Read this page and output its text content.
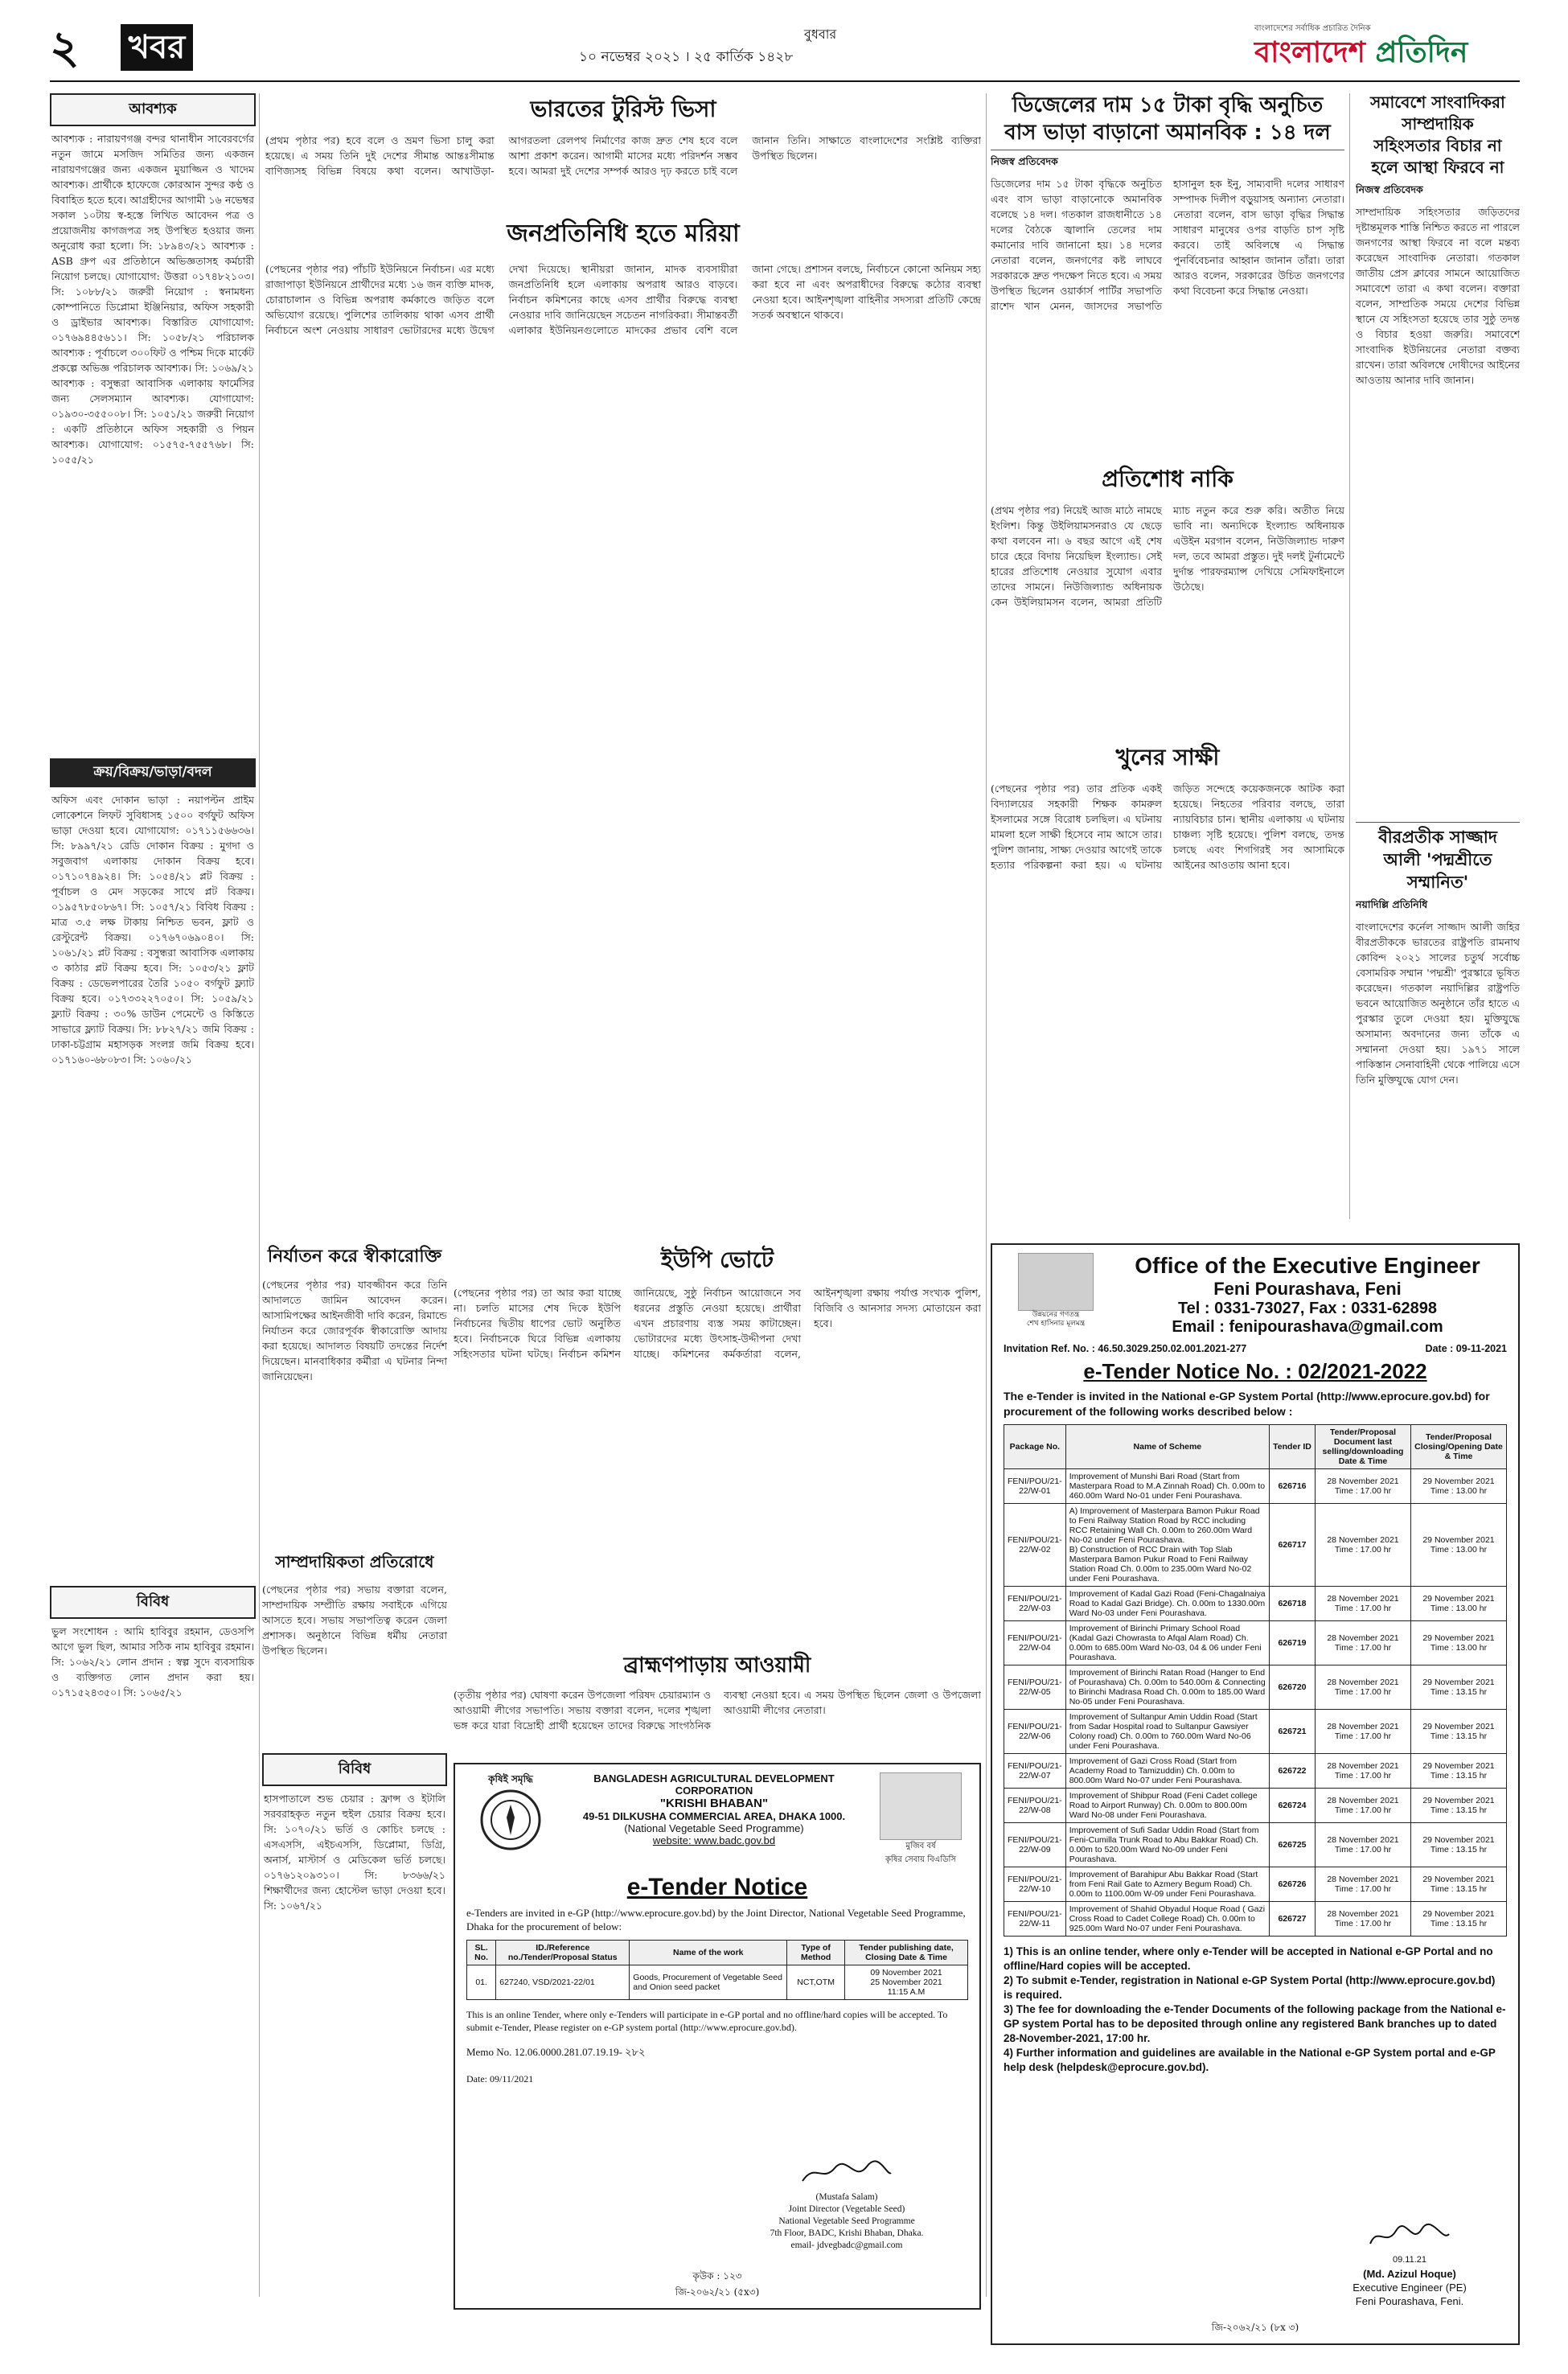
২ খবর	বুধবার
১০ নভেম্বর ২০২১ । ২৫ কার্তিক ১৪২৮
বাংলাদেশের সর্বাধিক প্রচারিত দৈনিক
বাংলাদেশ প্রতিদিন
আবশ্যক
আবশ্যক : নারায়ণগঞ্জ বন্দর থানাধীন সাবেরবর্গের নতুন জামে মসজিদ সমিতির জন্য একজন নারায়ণগঞ্জের জন্য একজন মুয়াজ্জিন ও খাদেম আবশ্যক। প্রার্থীকে হাফেজে কোরআন সুন্দর কণ্ঠ ও বিবাহিত হতে হবে। আগ্রহীদের আগামী ১৬ নভেম্বর সকাল ১০টায় স্ব-হস্তে লিখিত আবেদন পত্র ও প্রয়োজনীয় কাগজপত্র সহ উপস্থিত হওয়ার জন্য অনুরোধ করা হলো। সি: ১৮৯৪৩/২১ আবশ্যক : ASB গ্রুপ এর প্রতিষ্ঠানে অভিজ্ঞতাসহ কর্মচারী নিয়োগ চলছে। যোগাযোগ: উত্তরা ০১৭৪৮২১০৩। সি: ১০৮৮/২১ জরুরী নিয়োগ : স্বনামধন্য কোম্পানিতে ডিপ্লোমা ইঞ্জিনিয়ার, অফিস সহকারী ও ড্রাইভার আবশ্যক। বিস্তারিত যোগাযোগ: ০১৭৬৯৪৪৫৬১১। সি: ১০৫৮/২১ পরিচালক আবশ্যক : পূর্বাচলে ৩০০ফিট ও পশ্চিম দিকে মার্কেট প্রকল্পে অভিজ্ঞ পরিচালক আবশ্যক। সি: ১০৬৯/২১ আবশ্যক : বসুন্ধরা আবাসিক এলাকায় ফার্মেসির জন্য সেলসম্যান আবশ্যক। যোগাযোগ: ০১৯৩০-৩৫৫০০৮। সি: ১০৫১/২১ জরুরী নিয়োগ : একটি প্রতিষ্ঠানে অফিস সহকারী ও পিয়ন আবশ্যক। যোগাযোগ: ০১৫৭৫-৭৫৫৭৬৮। সি: ১০৫৫/২১
ক্রয়/বিক্রয়/ভাড়া/বদল
অফিস এবং দোকান ভাড়া : নয়াপল্টন প্রাইম লোকেশনে লিফট সুবিধাসহ ১৫০০ বর্গফুট অফিস ভাড়া দেওয়া হবে। যোগাযোগ: ০১৭১১৫৬৬৩৬। সি: ৮৯৯৭/২১ রেডি দোকান বিক্রয় : মুগদা ও সবুজবাগ এলাকায় দোকান বিক্রয় হবে। ০১৭১০৭৪৯২৪। সি: ১০৫৪/২১ প্লট বিক্রয় : পূর্বাচল ও মেদ সড়কের সাথে প্লট বিক্রয়। ০১৯৫৭৮৫০৮৬৭। সি: ১০৫৭/২১ বিবিধ বিক্রয় : মাত্র ৩.৫ লক্ষ টাকায় নিশ্চিত ভবন, ফ্লাট ও রেস্টুরেন্ট বিক্রয়। ০১৭৬৭০৬৯০৪০। সি: ১০৬১/২১ প্লট বিক্রয় : বসুন্ধরা আবাসিক এলাকায় ৩ কাঠার প্লট বিক্রয় হবে। সি: ১০৫৩/২১ ফ্লাট বিক্রয় : ডেভেলপারের তৈরি ১০৫০ বর্গফুট ফ্ল্যাট বিক্রয় হবে। ০১৭৩৩২২৭০৫০। সি: ১০৫৯/২১ ফ্ল্যাট বিক্রয় : ৩০% ডাউন পেমেন্টে ও কিস্তিতে সাভারে ফ্ল্যাট বিক্রয়। সি: ৮৮২৭/২১ জমি বিক্রয় : ঢাকা-চট্টগ্রাম মহাসড়ক সংলগ্ন জমি বিক্রয় হবে। ০১৭১৬০-৬৮০৮৩। সি: ১০৬০/২১
বিবিধ
ভুল সংশোধন : আমি হাবিবুর রহমান, ডেওসপি আগে ভুল ছিল, আমার সঠিক নাম হাবিবুর রহমান। সি: ১০৬২/২১ লোন প্রদান : স্বল্প সুদে ব্যবসায়িক ও ব্যক্তিগত লোন প্রদান করা হয়। ০১৭১৫২৪৩৫০। সি: ১০৬৫/২১
বিবিধ
হাসপাতালে শুভ চেয়ার : ফ্রান্স ও ইটালি সরবরাহকৃত নতুন হুইল চেয়ার বিক্রয় হবে। সি: ১০৭০/২১ ভর্তি ও কোচিং চলছে : এসএসসি, এইচএসসি, ডিপ্লোমা, ডিগ্রি, অনার্স, মাস্টার্স ও মেডিকেল ভর্তি চলছে। ০১৭৬১২০৯৩১০। সি: ৮৩৬৬/২১ শিক্ষার্থীদের জন্য হোস্টেল ভাড়া দেওয়া হবে। সি: ১০৬৭/২১
ভারতের টুরিস্ট ভিসা
(প্রথম পৃষ্ঠার পর) হবে বলে ও ভ্রমণ ভিসা চালু করা হয়েছে। এ সময় তিনি দুই দেশের সীমান্ত আন্তঃসীমান্ত বাণিজ্যসহ বিভিন্ন বিষয়ে কথা বলেন। আখাউড়া-আগরতলা রেলপথ নির্মাণের কাজ দ্রুত শেষ হবে বলে আশা প্রকাশ করেন। আগামী মাসের মধ্যে পরিদর্শন সম্ভব হবে। আমরা দুই দেশের সম্পর্ক আরও দৃঢ় করতে চাই বলে জানান তিনি। সাক্ষাতে বাংলাদেশের সংশ্লিষ্ট ব্যক্তিরা উপস্থিত ছিলেন।
জনপ্রতিনিধি হতে মরিয়া
(পেছনের পৃষ্ঠার পর) পাঁচটি ইউনিয়নে নির্বাচন। এর মধ্যে রাজাপাড়া ইউনিয়নে প্রার্থীদের মধ্যে ১৬ জন ব্যক্তি মাদক, চোরাচালান ও বিভিন্ন অপরাধ কর্মকাণ্ডে জড়িত বলে অভিযোগ রয়েছে। পুলিশের তালিকায় থাকা এসব প্রার্থী নির্বাচনে অংশ নেওয়ায় সাধারণ ভোটারদের মধ্যে উদ্বেগ দেখা দিয়েছে। স্থানীয়রা জানান, মাদক ব্যবসায়ীরা জনপ্রতিনিধি হলে এলাকায় অপরাধ আরও বাড়বে। নির্বাচন কমিশনের কাছে এসব প্রার্থীর বিরুদ্ধে ব্যবস্থা নেওয়ার দাবি জানিয়েছেন সচেতন নাগরিকরা। সীমান্তবর্তী এলাকার ইউনিয়নগুলোতে মাদকের প্রভাব বেশি বলে জানা গেছে। প্রশাসন বলছে, নির্বাচনে কোনো অনিয়ম সহ্য করা হবে না এবং অপরাধীদের বিরুদ্ধে কঠোর ব্যবস্থা নেওয়া হবে। আইনশৃঙ্খলা বাহিনীর সদস্যরা প্রতিটি কেন্দ্রে সতর্ক অবস্থানে থাকবে।
নির্যাতন করে স্বীকারোক্তি
(পেছনের পৃষ্ঠার পর) যাবজ্জীবন করে তিনি আদালতে জামিন আবেদন করেন। আসামিপক্ষের আইনজীবী দাবি করেন, রিমান্ডে নির্যাতন করে জোরপূর্বক স্বীকারোক্তি আদায় করা হয়েছে। আদালত বিষয়টি তদন্তের নির্দেশ দিয়েছেন। মানবাধিকার কর্মীরা এ ঘটনার নিন্দা জানিয়েছেন।
সাম্প্রদায়িকতা প্রতিরোধে
(পেছনের পৃষ্ঠার পর) সভায় বক্তারা বলেন, সাম্প্রদায়িক সম্প্রীতি রক্ষায় সবাইকে এগিয়ে আসতে হবে। সভায় সভাপতিত্ব করেন জেলা প্রশাসক। অনুষ্ঠানে বিভিন্ন ধর্মীয় নেতারা উপস্থিত ছিলেন।
ইউপি ভোটে
(পেছনের পৃষ্ঠার পর) তা আর করা যাচ্ছে না। চলতি মাসের শেষ দিকে ইউপি নির্বাচনের দ্বিতীয় ধাপের ভোট অনুষ্ঠিত হবে। নির্বাচনকে ঘিরে বিভিন্ন এলাকায় সহিংসতার ঘটনা ঘটছে। নির্বাচন কমিশন জানিয়েছে, সুষ্ঠু নির্বাচন আয়োজনে সব ধরনের প্রস্তুতি নেওয়া হয়েছে। প্রার্থীরা এখন প্রচারণায় ব্যস্ত সময় কাটাচ্ছেন। ভোটারদের মধ্যে উৎসাহ-উদ্দীপনা দেখা যাচ্ছে। কমিশনের কর্মকর্তারা বলেন, আইনশৃঙ্খলা রক্ষায় পর্যাপ্ত সংখ্যক পুলিশ, বিজিবি ও আনসার সদস্য মোতায়েন করা হবে।
ব্রাহ্মণপাড়ায় আওয়ামী
(তৃতীয় পৃষ্ঠার পর) ঘোষণা করেন উপজেলা পরিষদ চেয়ারম্যান ও আওয়ামী লীগের সভাপতি। সভায় বক্তারা বলেন, দলের শৃঙ্খলা ভঙ্গ করে যারা বিদ্রোহী প্রার্থী হয়েছেন তাদের বিরুদ্ধে সাংগঠনিক ব্যবস্থা নেওয়া হবে। এ সময় উপস্থিত ছিলেন জেলা ও উপজেলা আওয়ামী লীগের নেতারা।
কৃষিই সমৃদ্ধি	BANGLADESH AGRICULTURAL DEVELOPMENT CORPORATION
"KRISHI BHABAN"
49-51 DILKUSHA COMMERCIAL AREA, DHAKA 1000.
(National Vegetable Seed Programme)
website: www.badc.gov.bd	মুজিব বর্ষ
কৃষির সেবায় বিএডিসি
e-Tender Notice
e-Tenders are invited in e-GP (http://www.eprocure.gov.bd) by the Joint Director, National Vegetable Seed Programme, Dhaka for the procurement of below:
SL. No.	ID./Reference no./Tender/Proposal Status	Name of the work	Type of Method	Tender publishing date, Closing Date & Time
01.	627240, VSD/2021-22/01	Goods, Procurement of Vegetable Seed and Onion seed packet	NCT,OTM	09 November 2021
25 November 2021
11:15 A.M
This is an online Tender, where only e-Tenders will participate in e-GP portal and no offline/hard copies will be accepted. To submit e-Tender, Please register on e-GP system portal (http://www.eprocure.gov.bd).
Memo No. 12.06.0000.281.07.19.19- ২৮২
Date: 09/11/2021
(Mustafa Salam)
Joint Director (Vegetable Seed)
National Vegetable Seed Programme
7th Floor, BADC, Krishi Bhaban, Dhaka.
email- jdvegbadc@gmail.com
কৃউক : ১২৩
জি-২০৬২/২১ (৫x৩)
ডিজেলের দাম ১৫ টাকা বৃদ্ধি অনুচিত
বাস ভাড়া বাড়ানো অমানবিক : ১৪ দল
নিজস্ব প্রতিবেদক
ডিজেলের দাম ১৫ টাকা বৃদ্ধিকে অনুচিত এবং বাস ভাড়া বাড়ানোকে অমানবিক বলেছে ১৪ দল। গতকাল রাজধানীতে ১৪ দলের বৈঠকে জ্বালানি তেলের দাম কমানোর দাবি জানানো হয়। ১৪ দলের নেতারা বলেন, জনগণের কষ্ট লাঘবে সরকারকে দ্রুত পদক্ষেপ নিতে হবে। এ সময় উপস্থিত ছিলেন ওয়ার্কার্স পার্টির সভাপতি রাশেদ খান মেনন, জাসদের সভাপতি হাসানুল হক ইনু, সাম্যবাদী দলের সাধারণ সম্পাদক দিলীপ বড়ুয়াসহ অন্যান্য নেতারা। নেতারা বলেন, বাস ভাড়া বৃদ্ধির সিদ্ধান্ত সাধারণ মানুষের ওপর বাড়তি চাপ সৃষ্টি করবে। তাই অবিলম্বে এ সিদ্ধান্ত পুনর্বিবেচনার আহ্বান জানান তাঁরা। তারা আরও বলেন, সরকারের উচিত জনগণের কথা বিবেচনা করে সিদ্ধান্ত নেওয়া।
প্রতিশোধ নাকি
(প্রথম পৃষ্ঠার পর) নিয়েই আজ মাঠে নামছে ইংলিশ। কিন্তু উইলিয়ামসনরাও যে ছেড়ে কথা বলবেন না। ৬ বছর আগে এই শেষ চারে হেরে বিদায় নিয়েছিল ইংল্যান্ড। সেই হারের প্রতিশোধ নেওয়ার সুযোগ এবার তাদের সামনে। নিউজিল্যান্ড অধিনায়ক কেন উইলিয়ামসন বলেন, আমরা প্রতিটি ম্যাচ নতুন করে শুরু করি। অতীত নিয়ে ভাবি না। অন্যদিকে ইংল্যান্ড অধিনায়ক এউইন মরগান বলেন, নিউজিল্যান্ড দারুণ দল, তবে আমরা প্রস্তুত। দুই দলই টুর্নামেন্টে দুর্দান্ত পারফরম্যান্স দেখিয়ে সেমিফাইনালে উঠেছে।
খুনের সাক্ষী
(পেছনের পৃষ্ঠার পর) তার প্রতিক একই বিদ্যালয়ের সহকারী শিক্ষক কামরুল ইসলামের সঙ্গে বিরোধ চলছিল। এ ঘটনায় মামলা হলে সাক্ষী হিসেবে নাম আসে তার। পুলিশ জানায়, সাক্ষ্য দেওয়ার আগেই তাকে হত্যার পরিকল্পনা করা হয়। এ ঘটনায় জড়িত সন্দেহে কয়েকজনকে আটক করা হয়েছে। নিহতের পরিবার বলছে, তারা ন্যায়বিচার চান। স্থানীয় এলাকায় এ ঘটনায় চাঞ্চল্য সৃষ্টি হয়েছে। পুলিশ বলছে, তদন্ত চলছে এবং শিগগিরই সব আসামিকে আইনের আওতায় আনা হবে।
সমাবেশে সাংবাদিকরা
সাম্প্রদায়িক
সহিংসতার বিচার না
হলে আস্থা ফিরবে না
নিজস্ব প্রতিবেদক
সাম্প্রদায়িক সহিংসতার জড়িতদের দৃষ্টান্তমূলক শাস্তি নিশ্চিত করতে না পারলে জনগণের আস্থা ফিরবে না বলে মন্তব্য করেছেন সাংবাদিক নেতারা। গতকাল জাতীয় প্রেস ক্লাবের সামনে আয়োজিত সমাবেশে তারা এ কথা বলেন। বক্তারা বলেন, সাম্প্রতিক সময়ে দেশের বিভিন্ন স্থানে যে সহিংসতা হয়েছে তার সুষ্ঠু তদন্ত ও বিচার হওয়া জরুরি। সমাবেশে সাংবাদিক ইউনিয়নের নেতারা বক্তব্য রাখেন। তারা অবিলম্বে দোষীদের আইনের আওতায় আনার দাবি জানান।
বীরপ্রতীক সাজ্জাদ
আলী 'পদ্মশ্রীতে
সম্মানিত'
নয়াদিল্লি প্রতিনিধি
বাংলাদেশের কর্নেল সাজ্জাদ আলী জহির বীরপ্রতীককে ভারতের রাষ্ট্রপতি রামনাথ কোবিন্দ ২০২১ সালের চতুর্থ সর্বোচ্চ বেসামরিক সম্মান 'পদ্মশ্রী' পুরস্কারে ভূষিত করেছেন। গতকাল নয়াদিল্লির রাষ্ট্রপতি ভবনে আয়োজিত অনুষ্ঠানে তাঁর হাতে এ পুরস্কার তুলে দেওয়া হয়। মুক্তিযুদ্ধে অসামান্য অবদানের জন্য তাঁকে এ সম্মাননা দেওয়া হয়। ১৯৭১ সালে পাকিস্তান সেনাবাহিনী থেকে পালিয়ে এসে তিনি মুক্তিযুদ্ধে যোগ দেন।
উন্নয়নের গণতন্ত্র
শেখ হাসিনার মূলমন্ত্র
Office of the Executive Engineer
Feni Pourashava, Feni
Tel : 0331-73027, Fax : 0331-62898
Email : fenipourashava@gmail.com
Invitation Ref. No. : 46.50.3029.250.02.001.2021-277	Date : 09-11-2021
e-Tender Notice No. : 02/2021-2022
The e-Tender is invited in the National e-GP System Portal (http://www.eprocure.gov.bd) for procurement of the following works described below :
Package No.	Name of Scheme	Tender ID	Tender/Proposal Document last selling/downloading Date & Time	Tender/Proposal Closing/Opening Date & Time
FENI/POU/21-22/W-01	Improvement of Munshi Bari Road (Start from Masterpara Road to M.A Zinnah Road) Ch. 0.00m to 460.00m Ward No-01 under Feni Pourashava.	626716	28 November 2021
Time : 17.00 hr	29 November 2021
Time : 13.00 hr
FENI/POU/21-22/W-02	A) Improvement of Masterpara Bamon Pukur Road to Feni Railway Station Road by RCC including RCC Retaining Wall Ch. 0.00m to 260.00m Ward No-02 under Feni Pourashava.
B) Construction of RCC Drain with Top Slab Masterpara Bamon Pukur Road to Feni Railway Station Road Ch. 0.00m to 235.00m Ward No-02 under Feni Pourashava.	626717	28 November 2021
Time : 17.00 hr	29 November 2021
Time : 13.00 hr
FENI/POU/21-22/W-03	Improvement of Kadal Gazi Road (Feni-Chagalnaiya Road to Kadal Gazi Bridge). Ch. 0.00m to 1330.00m Ward No-03 under Feni Pourashava.	626718	28 November 2021
Time : 17.00 hr	29 November 2021
Time : 13.00 hr
FENI/POU/21-22/W-04	Improvement of Birinchi Primary School Road (Kadal Gazi Chowrasta to Afqal Alam Road) Ch. 0.00m to 685.00m Ward No-03, 04 & 06 under Feni Pourashava.	626719	28 November 2021
Time : 17.00 hr	29 November 2021
Time : 13.00 hr
FENI/POU/21-22/W-05	Improvement of Birinchi Ratan Road (Hanger to End of Pourashava) Ch. 0.00m to 540.00m & Connecting to Birinchi Madrasa Road Ch. 0.00m to 185.00 Ward No-05 under Feni Pourashava.	626720	28 November 2021
Time : 17.00 hr	29 November 2021
Time : 13.15 hr
FENI/POU/21-22/W-06	Improvement of Sultanpur Amin Uddin Road (Start from Sadar Hospital road to Sultanpur Gawsiyer Colony road) Ch. 0.00m to 760.00m Ward No-06 under Feni Pourashava.	626721	28 November 2021
Time : 17.00 hr	29 November 2021
Time : 13.15 hr
FENI/POU/21-22/W-07	Improvement of Gazi Cross Road (Start from Academy Road to Tamizuddin) Ch. 0.00m to 800.00m Ward No-07 under Feni Pourashava.	626722	28 November 2021
Time : 17.00 hr	29 November 2021
Time : 13.15 hr
FENI/POU/21-22/W-08	Improvement of Shibpur Road (Feni Cadet college Road to Airport Runway) Ch. 0.00m to 800.00m Ward No-08 under Feni Pourashava.	626724	28 November 2021
Time : 17.00 hr	29 November 2021
Time : 13.15 hr
FENI/POU/21-22/W-09	Improvement of Sufi Sadar Uddin Road (Start from Feni-Cumilla Trunk Road to Abu Bakkar Road) Ch. 0.00m to 520.00m Ward No-09 under Feni Pourashava.	626725	28 November 2021
Time : 17.00 hr	29 November 2021
Time : 13.15 hr
FENI/POU/21-22/W-10	Improvement of Barahipur Abu Bakkar Road (Start from Feni Rail Gate to Azmery Begum Road) Ch. 0.00m to 1100.00m W-09 under Feni Pourashava.	626726	28 November 2021
Time : 17.00 hr	29 November 2021
Time : 13.15 hr
FENI/POU/21-22/W-11	Improvement of Shahid Obyadul Hoque Road ( Gazi Cross Road to Cadet College Road) Ch. 0.00m to 925.00m Ward No-07 under Feni Pourashava.	626727	28 November 2021
Time : 17.00 hr	29 November 2021
Time : 13.15 hr
1) This is an online tender, where only e-Tender will be accepted in National e-GP Portal and no offline/Hard copies will be accepted.
2) To submit e-Tender, registration in National e-GP System Portal (http://www.eprocure.gov.bd) is required.
3) The fee for downloading the e-Tender Documents of the following package from the National e-GP system Portal has to be deposited through online any registered Bank branches up to dated 28-November-2021, 17:00 hr.
4) Further information and guidelines are available in the National e-GP System portal and e-GP help desk (helpdesk@eprocure.gov.bd).
09.11.21
(Md. Azizul Hoque)
Executive Engineer (PE)
Feni Pourashava, Feni.
জি-২০৬২/২১ (৮x ৩)
